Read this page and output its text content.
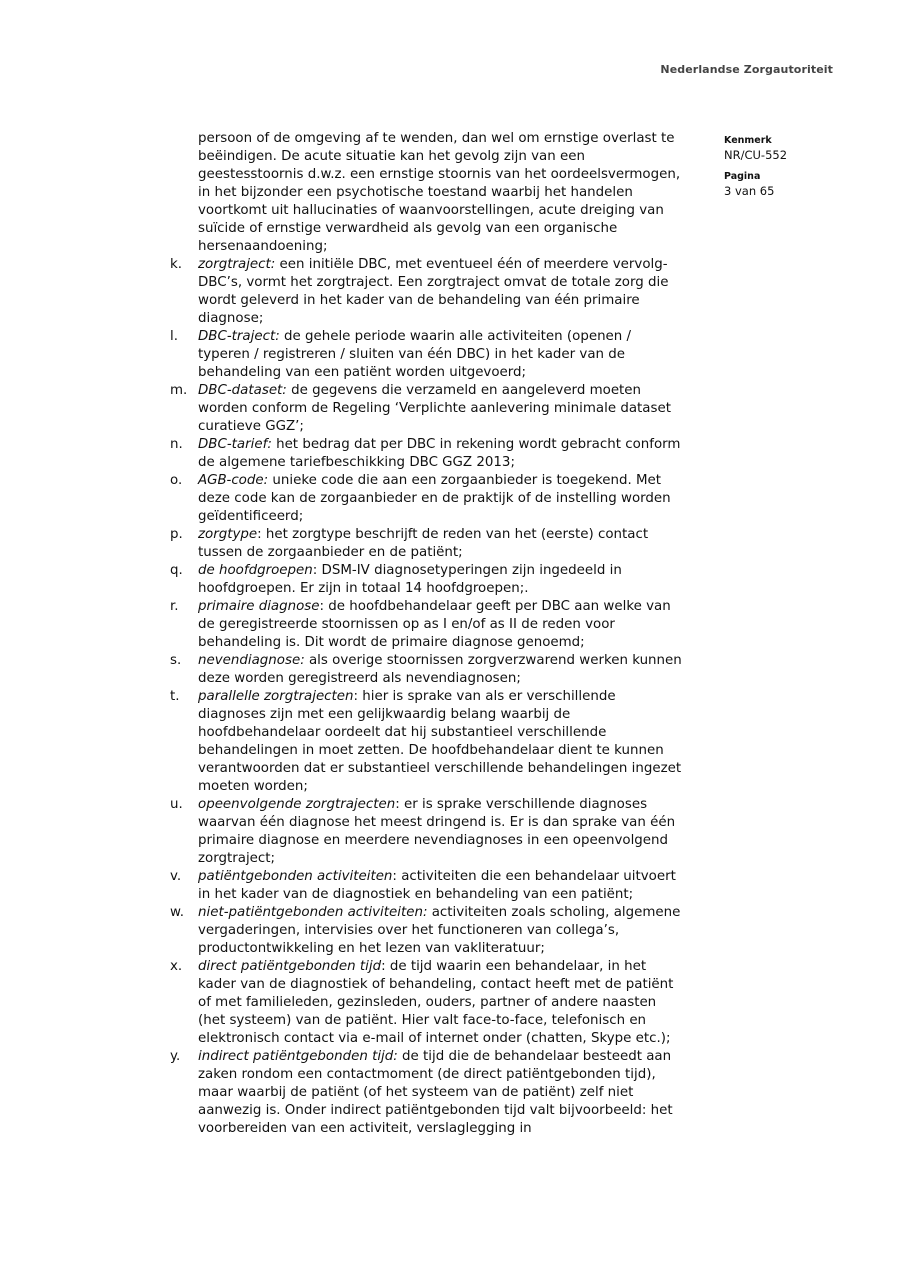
Nederlandse Zorgautoriteit
Kenmerk
NR/CU-552
Pagina
3 van 65

persoon of de omgeving af te wenden, dan wel om ernstige overlast te beëindigen. De acute situatie kan het gevolg zijn van een geestesstoornis d.w.z. een ernstige stoornis van het oordeelsvermogen, in het bijzonder een psychotische toestand waarbij het handelen voortkomt uit hallucinaties of waanvoorstellingen, acute dreiging van suïcide of ernstige verwardheid als gevolg van een organische hersenaandoening;

k.	zorgtraject: een initiële DBC, met eventueel één of meerdere vervolg-DBC’s, vormt het zorgtraject. Een zorgtraject omvat de totale zorg die wordt geleverd in het kader van de behandeling van één primaire diagnose;
l.	DBC-traject: de gehele periode waarin alle activiteiten (openen / typeren / registreren / sluiten van één DBC) in het kader van de behandeling van een patiënt worden uitgevoerd;
m. DBC-dataset: de gegevens die verzameld en aangeleverd moeten worden conform de Regeling ‘Verplichte aanlevering minimale dataset curatieve GGZ’;
n.	DBC-tarief: het bedrag dat per DBC in rekening wordt gebracht conform de algemene tariefbeschikking DBC GGZ 2013;
o.	AGB-code: unieke code die aan een zorgaanbieder is toegekend. Met deze code kan de zorgaanbieder en de praktijk of de instelling worden geïdentificeerd;
p.	zorgtype: het zorgtype beschrijft de reden van het (eerste) contact tussen de zorgaanbieder en de patiënt;
q.	de hoofdgroepen: DSM-IV diagnosetyperingen zijn ingedeeld in hoofdgroepen. Er zijn in totaal 14 hoofdgroepen;.
r.	primaire diagnose: de hoofdbehandelaar geeft per DBC aan welke van de geregistreerde stoornissen op as I en/of as II de reden voor behandeling is. Dit wordt de primaire diagnose genoemd;
s.	nevendiagnose: als overige stoornissen zorgverzwarend werken kunnen deze worden geregistreerd als nevendiagnosen;
t.	parallelle zorgtrajecten: hier is sprake van als er verschillende diagnoses zijn met een gelijkwaardig belang waarbij de hoofdbehandelaar oordeelt dat hij substantieel verschillende behandelingen in moet zetten. De hoofdbehandelaar dient te kunnen verantwoorden dat er substantieel verschillende behandelingen ingezet moeten worden;
u.	opeenvolgende zorgtrajecten: er is sprake verschillende diagnoses waarvan één diagnose het meest dringend is. Er is dan sprake van één primaire diagnose en meerdere nevendiagnoses in een opeenvolgend zorgtraject;
v.	patiëntgebonden activiteiten: activiteiten die een behandelaar uitvoert in het kader van de diagnostiek en behandeling van een patiënt;
w.	niet-patiëntgebonden activiteiten: activiteiten zoals scholing, algemene vergaderingen, intervisies over het functioneren van collega’s, productontwikkeling en het lezen van vakliteratuur;
x.	direct patiëntgebonden tijd: de tijd waarin een behandelaar, in het kader van de diagnostiek of behandeling, contact heeft met de patiënt of met familieleden, gezinsleden, ouders, partner of andere naasten (het systeem) van de patiënt. Hier valt face-to-face, telefonisch en elektronisch contact via e-mail of internet onder (chatten, Skype etc.);
y.	indirect patiëntgebonden tijd: de tijd die de behandelaar besteedt aan zaken rondom een contactmoment (de direct patiëntgebonden tijd), maar waarbij de patiënt (of het systeem van de patiënt) zelf niet aanwezig is. Onder indirect patiëntgebonden tijd valt bijvoorbeeld: het voorbereiden van een activiteit, verslaglegging in
